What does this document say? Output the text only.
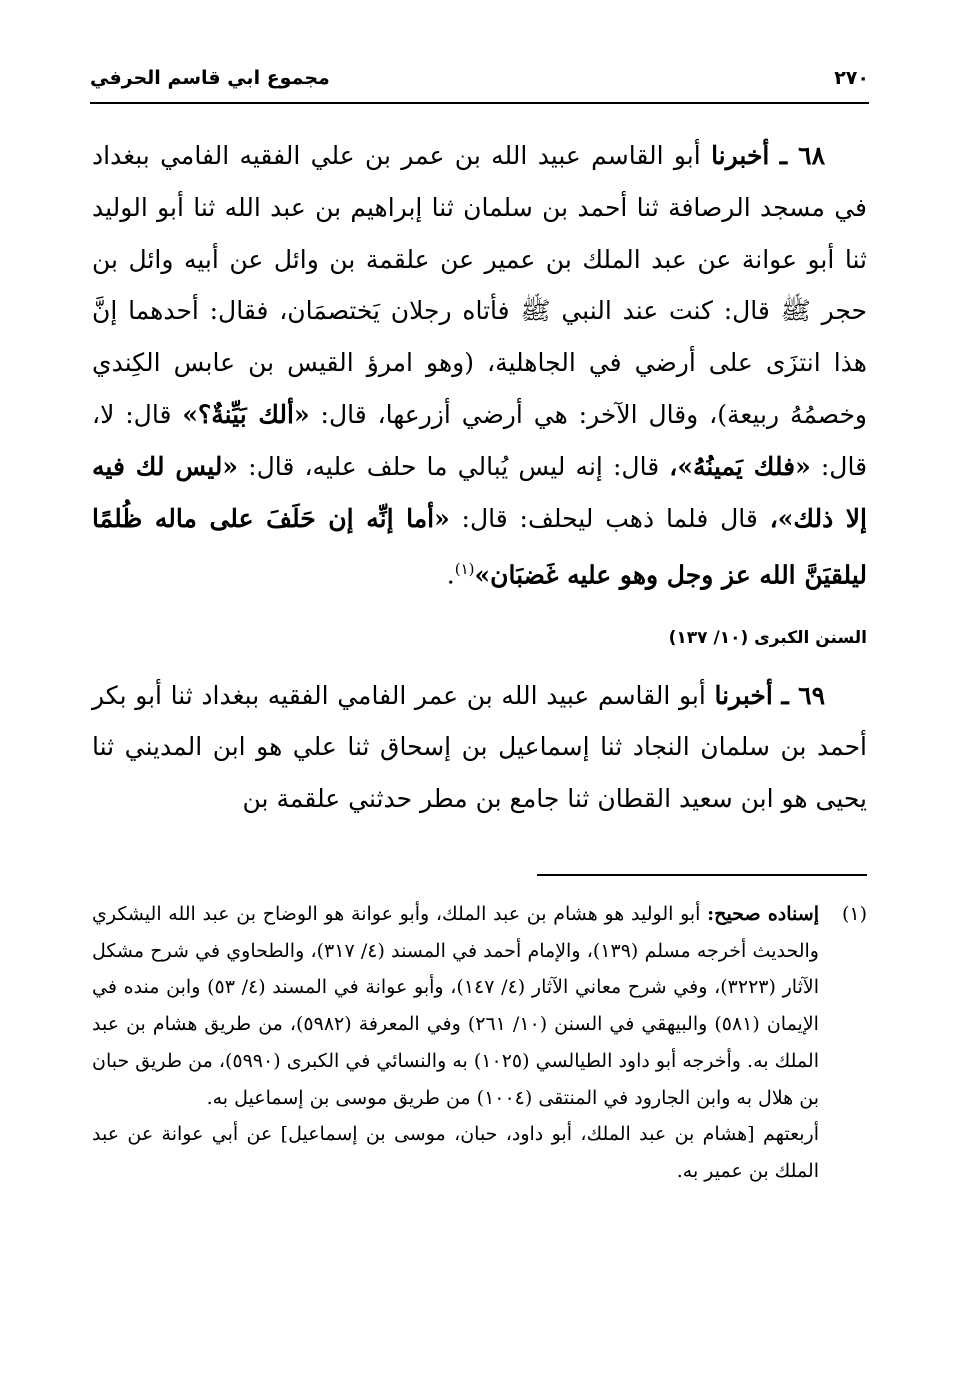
٢٧٠
مجموع ابي قاسم الحرفي

٦٨ ـ أخبرنا أبو القاسم عبيد الله بن عمر بن علي الفقيه الفامي ببغداد في مسجد الرصافة ثنا أحمد بن سلمان ثنا إبراهيم بن عبد الله ثنا أبو الوليد ثنا أبو عوانة عن عبد الملك بن عمير عن علقمة بن وائل عن أبيه وائل بن حجر ﷺ قال: كنت عند النبي ﷺ فأتاه رجلان يَختصمَان، فقال: أحدهما إنَّ هذا انتزَى على أرضي في الجاهلية، (وهو امرؤ القيس بن عابس الكِندي وخصمُهُ ربيعة)، وقال الآخر: هي أرضي أزرعها، قال: «ألك بَيِّنةٌ؟» قال: لا، قال: «فلك يَمينُهُ»، قال: إنه ليس يُبالي ما حلف عليه، قال: «ليس لك فيه إلا ذلك»، قال فلما ذهب ليحلف: قال: «أما إنِّه إن حَلَفَ على ماله ظُلمًا ليلقيَنَّ الله عز وجل وهو عليه غَضبَان»$^{(١)}$.

السنن الكبرى (١٠/ ١٣٧)

٦٩ ـ أخبرنا أبو القاسم عبيد الله بن عمر الفامي الفقيه ببغداد ثنا أبو بكر أحمد بن سلمان النجاد ثنا إسماعيل بن إسحاق ثنا علي هو ابن المديني ثنا يحيى هو ابن سعيد القطان ثنا جامع بن مطر حدثني علقمة بن

(١)

إسناده صحيح: أبو الوليد هو هشام بن عبد الملك، وأبو عوانة هو الوضاح بن عبد الله اليشكري والحديث أخرجه مسلم (١٣٩)، والإمام أحمد في المسند (٤/ ٣١٧)، والطحاوي في شرح مشكل الآثار (٣٢٢٣)، وفي شرح معاني الآثار (٤/ ١٤٧)، وأبو عوانة في المسند (٤/ ٥٣) وابن منده في الإيمان (٥٨١) والبيهقي في السنن (١٠/ ٢٦١) وفي المعرفة (٥٩٨٢)، من طريق هشام بن عبد الملك به. وأخرجه أبو داود الطيالسي (١٠٢٥) به والنسائي في الكبرى (٥٩٩٠)، من طريق حبان بن هلال به وابن الجارود في المنتقى (١٠٠٤) من طريق موسى بن إسماعيل به.

أربعتهم [هشام بن عبد الملك، أبو داود، حبان، موسى بن إسماعيل] عن أبي عوانة عن عبد الملك بن عمير به.
